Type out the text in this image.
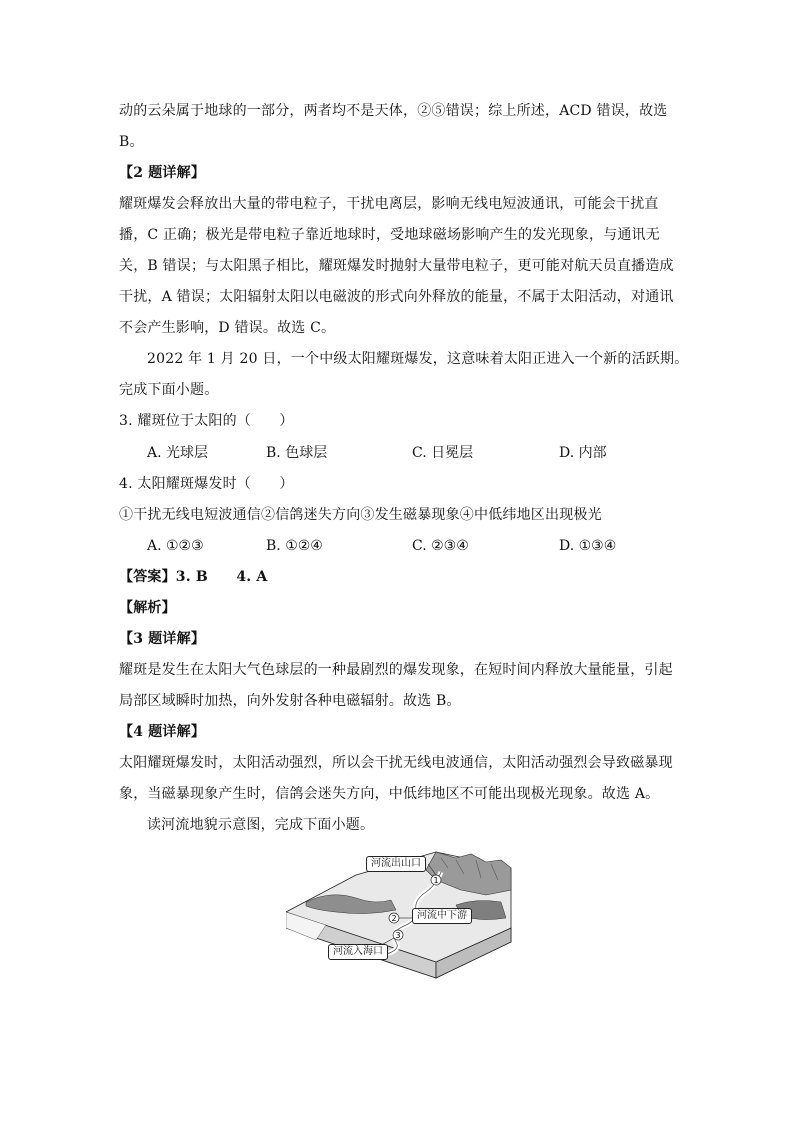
动的云朵属于地球的一部分，两者均不是天体，②⑤错误；综上所述，ACD 错误，故选
B。
【2 题详解】
耀斑爆发会释放出大量的带电粒子，干扰电离层，影响无线电短波通讯，可能会干扰直
播，C 正确；极光是带电粒子靠近地球时，受地球磁场影响产生的发光现象，与通讯无
关，B 错误；与太阳黑子相比，耀斑爆发时抛射大量带电粒子，更可能对航天员直播造成
干扰，A 错误；太阳辐射太阳以电磁波的形式向外释放的能量，不属于太阳活动，对通讯
不会产生影响，D 错误。故选 C。
2022 年 1 月 20 日，一个中级太阳耀斑爆发，这意味着太阳正进入一个新的活跃期。
完成下面小题。
3. 耀斑位于太阳的（　　）
A. 光球层	B. 色球层	C. 日冕层	D. 内部
4. 太阳耀斑爆发时（　　）
①干扰无线电短波通信②信鸽迷失方向③发生磁暴现象④中低纬地区出现极光
A. ①②③	B. ①②④	C. ②③④	D. ①③④
【答案】3. B　　4. A
【解析】
【3 题详解】
耀斑是发生在太阳大气色球层的一种最剧烈的爆发现象，在短时间内释放大量能量，引起
局部区域瞬时加热，向外发射各种电磁辐射。故选 B。
【4 题详解】
太阳耀斑爆发时，太阳活动强烈，所以会干扰无线电波通信，太阳活动强烈会导致磁暴现
象，当磁暴现象产生时，信鸽会迷失方向，中低纬地区不可能出现极光现象。故选 A。
读河流地貌示意图，完成下面小题。
1
2
3
河流出山口
河流中下游
河流入海口
